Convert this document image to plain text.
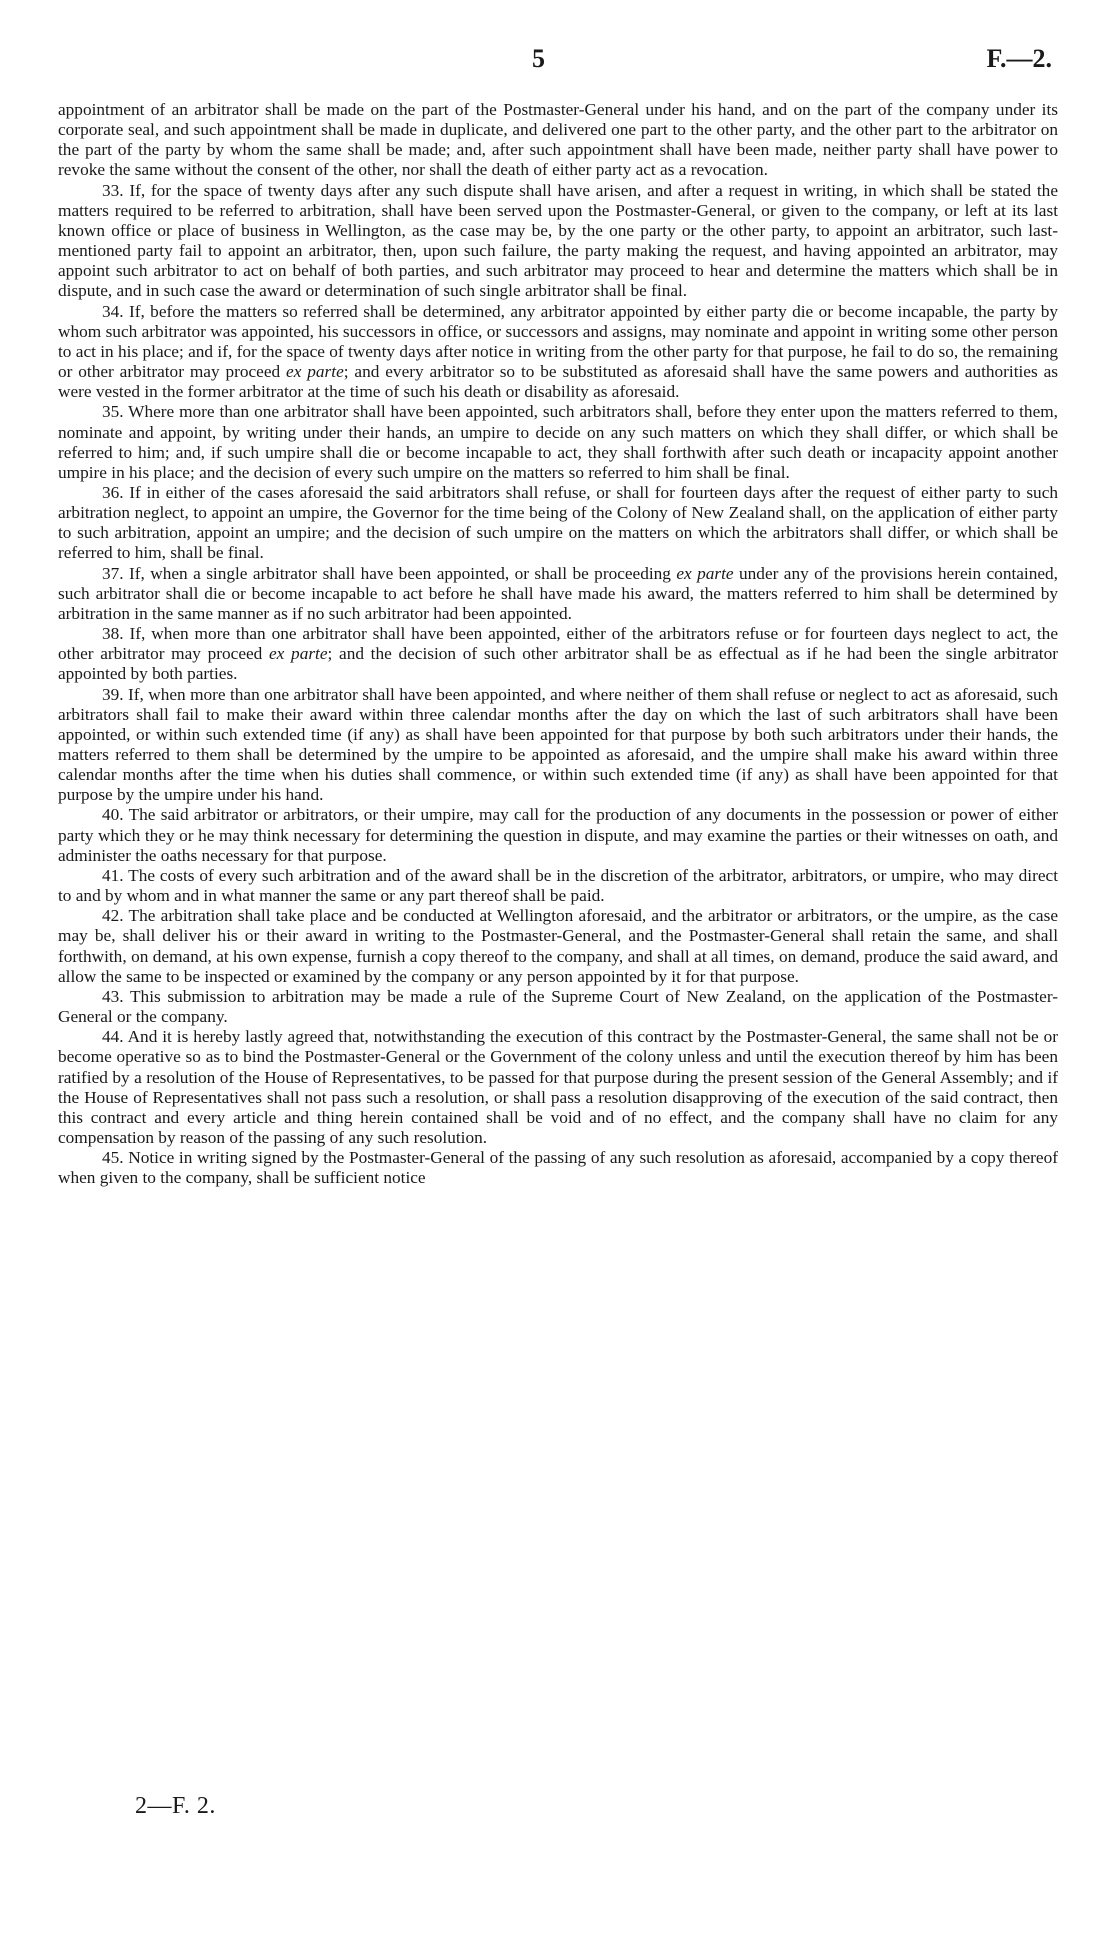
5	F.—2.

appointment of an arbitrator shall be made on the part of the Postmaster-General under his hand, and on the part of the company under its corporate seal, and such appointment shall be made in duplicate, and delivered one part to the other party, and the other part to the arbitrator on the part of the party by whom the same shall be made; and, after such appointment shall have been made, neither party shall have power to revoke the same without the consent of the other, nor shall the death of either party act as a revocation.

33. If, for the space of twenty days after any such dispute shall have arisen, and after a request in writing, in which shall be stated the matters required to be referred to arbitration, shall have been served upon the Postmaster-General, or given to the company, or left at its last known office or place of business in Wellington, as the case may be, by the one party or the other party, to appoint an arbitrator, such last-mentioned party fail to appoint an arbitrator, then, upon such failure, the party making the request, and having appointed an arbitrator, may appoint such arbitrator to act on behalf of both parties, and such arbitrator may proceed to hear and determine the matters which shall be in dispute, and in such case the award or determination of such single arbitrator shall be final.

34. If, before the matters so referred shall be determined, any arbitrator appointed by either party die or become incapable, the party by whom such arbitrator was appointed, his successors in office, or successors and assigns, may nominate and appoint in writing some other person to act in his place; and if, for the space of twenty days after notice in writing from the other party for that purpose, he fail to do so, the remaining or other arbitrator may proceed ex parte; and every arbitrator so to be substituted as aforesaid shall have the same powers and authorities as were vested in the former arbitrator at the time of such his death or disability as aforesaid.

35. Where more than one arbitrator shall have been appointed, such arbitrators shall, before they enter upon the matters referred to them, nominate and appoint, by writing under their hands, an umpire to decide on any such matters on which they shall differ, or which shall be referred to him; and, if such umpire shall die or become incapable to act, they shall forthwith after such death or incapacity appoint another umpire in his place; and the decision of every such umpire on the matters so referred to him shall be final.

36. If in either of the cases aforesaid the said arbitrators shall refuse, or shall for fourteen days after the request of either party to such arbitration neglect, to appoint an umpire, the Governor for the time being of the Colony of New Zealand shall, on the application of either party to such arbitration, appoint an umpire; and the decision of such umpire on the matters on which the arbitrators shall differ, or which shall be referred to him, shall be final.

37. If, when a single arbitrator shall have been appointed, or shall be proceeding ex parte under any of the provisions herein contained, such arbitrator shall die or become incapable to act before he shall have made his award, the matters referred to him shall be determined by arbitration in the same manner as if no such arbitrator had been appointed.

38. If, when more than one arbitrator shall have been appointed, either of the arbitrators refuse or for fourteen days neglect to act, the other arbitrator may proceed ex parte; and the decision of such other arbitrator shall be as effectual as if he had been the single arbitrator appointed by both parties.

39. If, when more than one arbitrator shall have been appointed, and where neither of them shall refuse or neglect to act as aforesaid, such arbitrators shall fail to make their award within three calendar months after the day on which the last of such arbitrators shall have been appointed, or within such extended time (if any) as shall have been appointed for that purpose by both such arbitrators under their hands, the matters referred to them shall be determined by the umpire to be appointed as aforesaid, and the umpire shall make his award within three calendar months after the time when his duties shall commence, or within such extended time (if any) as shall have been appointed for that purpose by the umpire under his hand.

40. The said arbitrator or arbitrators, or their umpire, may call for the production of any documents in the possession or power of either party which they or he may think necessary for determining the question in dispute, and may examine the parties or their witnesses on oath, and administer the oaths necessary for that purpose.

41. The costs of every such arbitration and of the award shall be in the discretion of the arbitrator, arbitrators, or umpire, who may direct to and by whom and in what manner the same or any part thereof shall be paid.

42. The arbitration shall take place and be conducted at Wellington aforesaid, and the arbitrator or arbitrators, or the umpire, as the case may be, shall deliver his or their award in writing to the Postmaster-General, and the Postmaster-General shall retain the same, and shall forthwith, on demand, at his own expense, furnish a copy thereof to the company, and shall at all times, on demand, produce the said award, and allow the same to be inspected or examined by the company or any person appointed by it for that purpose.

43. This submission to arbitration may be made a rule of the Supreme Court of New Zealand, on the application of the Postmaster-General or the company.

44. And it is hereby lastly agreed that, notwithstanding the execution of this contract by the Postmaster-General, the same shall not be or become operative so as to bind the Postmaster-General or the Government of the colony unless and until the execution thereof by him has been ratified by a resolution of the House of Representatives, to be passed for that purpose during the present session of the General Assembly; and if the House of Representatives shall not pass such a resolution, or shall pass a resolution disapproving of the execution of the said contract, then this contract and every article and thing herein contained shall be void and of no effect, and the company shall have no claim for any compensation by reason of the passing of any such resolution.

45. Notice in writing signed by the Postmaster-General of the passing of any such resolution as aforesaid, accompanied by a copy thereof when given to the company, shall be sufficient notice

2—F. 2.
